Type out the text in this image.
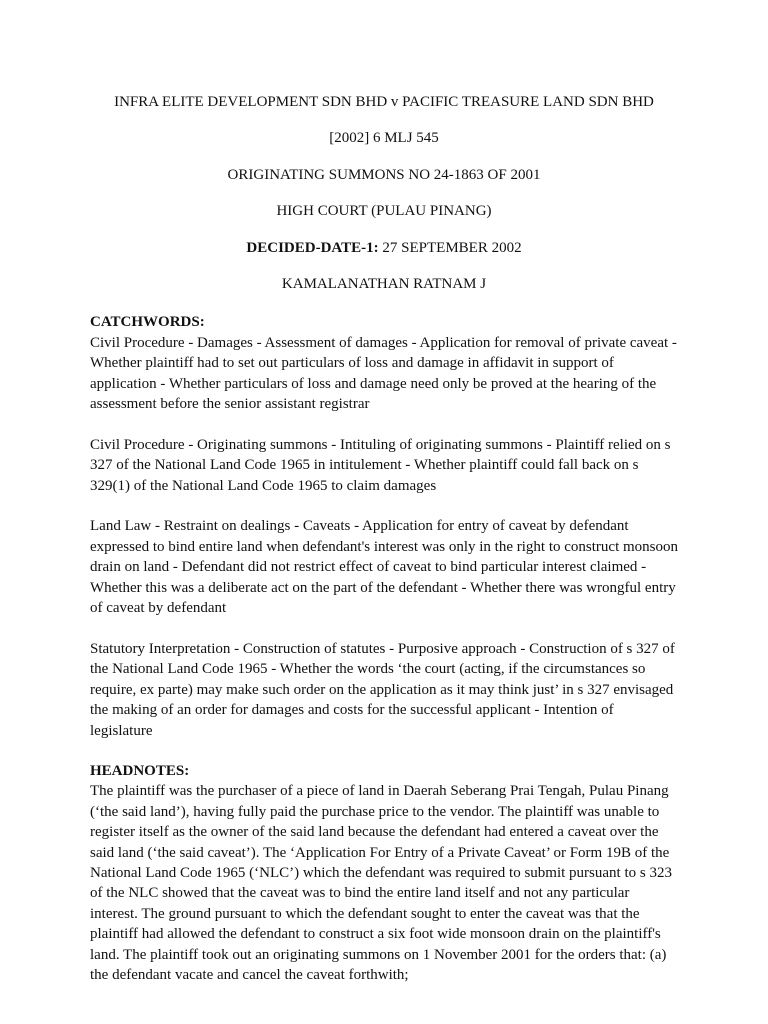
INFRA ELITE DEVELOPMENT SDN BHD v PACIFIC TREASURE LAND SDN BHD

[2002] 6 MLJ 545

ORIGINATING SUMMONS NO 24-1863 OF 2001

HIGH COURT (PULAU PINANG)

DECIDED-DATE-1: 27 SEPTEMBER 2002

KAMALANATHAN RATNAM J

CATCHWORDS:

Civil Procedure - Damages - Assessment of damages - Application for removal of private caveat - Whether plaintiff had to set out particulars of loss and damage in affidavit in support of application - Whether particulars of loss and damage need only be proved at the hearing of the assessment before the senior assistant registrar

Civil Procedure - Originating summons - Intituling of originating summons - Plaintiff relied on s 327 of the National Land Code 1965 in intitulement - Whether plaintiff could fall back on s 329(1) of the National Land Code 1965 to claim damages

Land Law - Restraint on dealings - Caveats - Application for entry of caveat by defendant expressed to bind entire land when defendant's interest was only in the right to construct monsoon drain on land - Defendant did not restrict effect of caveat to bind particular interest claimed - Whether this was a deliberate act on the part of the defendant - Whether there was wrongful entry of caveat by defendant

Statutory Interpretation - Construction of statutes - Purposive approach - Construction of s 327 of the National Land Code 1965 - Whether the words ‘the court (acting, if the circumstances so require, ex parte) may make such order on the application as it may think just’ in s 327 envisaged the making of an order for damages and costs for the successful applicant - Intention of legislature

HEADNOTES:

The plaintiff was the purchaser of a piece of land in Daerah Seberang Prai Tengah, Pulau Pinang (‘the said land’), having fully paid the purchase price to the vendor. The plaintiff was unable to register itself as the owner of the said land because the defendant had entered a caveat over the said land (‘the said caveat’). The ‘Application For Entry of a Private Caveat’ or Form 19B of the National Land Code 1965 (‘NLC’) which the defendant was required to submit pursuant to s 323 of the NLC showed that the caveat was to bind the entire land itself and not any particular interest. The ground pursuant to which the defendant sought to enter the caveat was that the plaintiff had allowed the defendant to construct a six foot wide monsoon drain on the plaintiff's land. The plaintiff took out an originating summons on 1 November 2001 for the orders that: (a) the defendant vacate and cancel the caveat forthwith;
